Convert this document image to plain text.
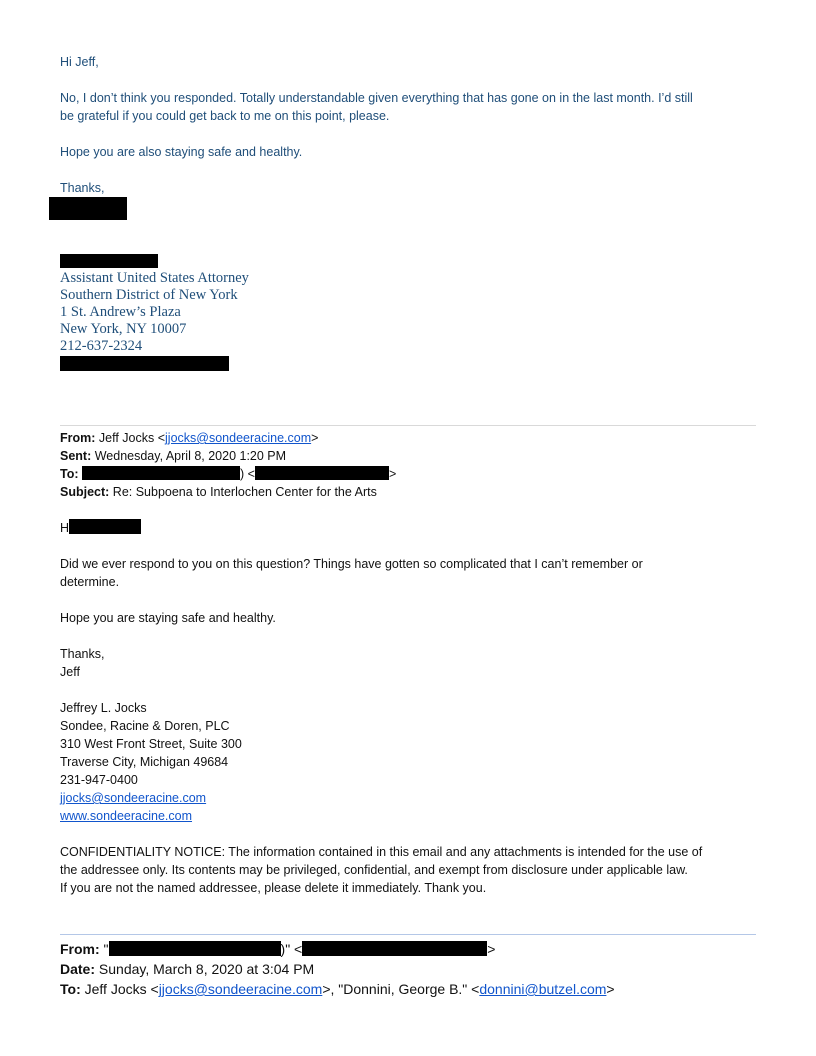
Hi Jeff,
No, I don’t think you responded. Totally understandable given everything that has gone on in the last month. I’d still
be grateful if you could get back to me on this point, please.
Hope you are also staying safe and healthy.
Thanks,
Assistant United States Attorney
Southern District of New York
1 St. Andrew’s Plaza
New York, NY 10007
212-637-2324
From: Jeff Jocks <jjocks@sondeeracine.com>
Sent: Wednesday, April 8, 2020 1:20 PM
To:	) <	>
Subject: Re: Subpoena to Interlochen Center for the Arts
H
Did we ever respond to you on this question? Things have gotten so complicated that I can’t remember or
determine.
Hope you are staying safe and healthy.
Thanks,
Jeff
Jeffrey L. Jocks
Sondee, Racine & Doren, PLC
310 West Front Street, Suite 300
Traverse City, Michigan 49684
231-947-0400
jjocks@sondeeracine.com
www.sondeeracine.com
CONFIDENTIALITY NOTICE: The information contained in this email and any attachments is intended for the use of
the addressee only. Its contents may be privileged, confidential, and exempt from disclosure under applicable law.
If you are not the named addressee, please delete it immediately. Thank you.
From: "	)" <	>
Date: Sunday, March 8, 2020 at 3:04 PM
To: Jeff Jocks <jjocks@sondeeracine.com>, "Donnini, George B." <donnini@butzel.com>
